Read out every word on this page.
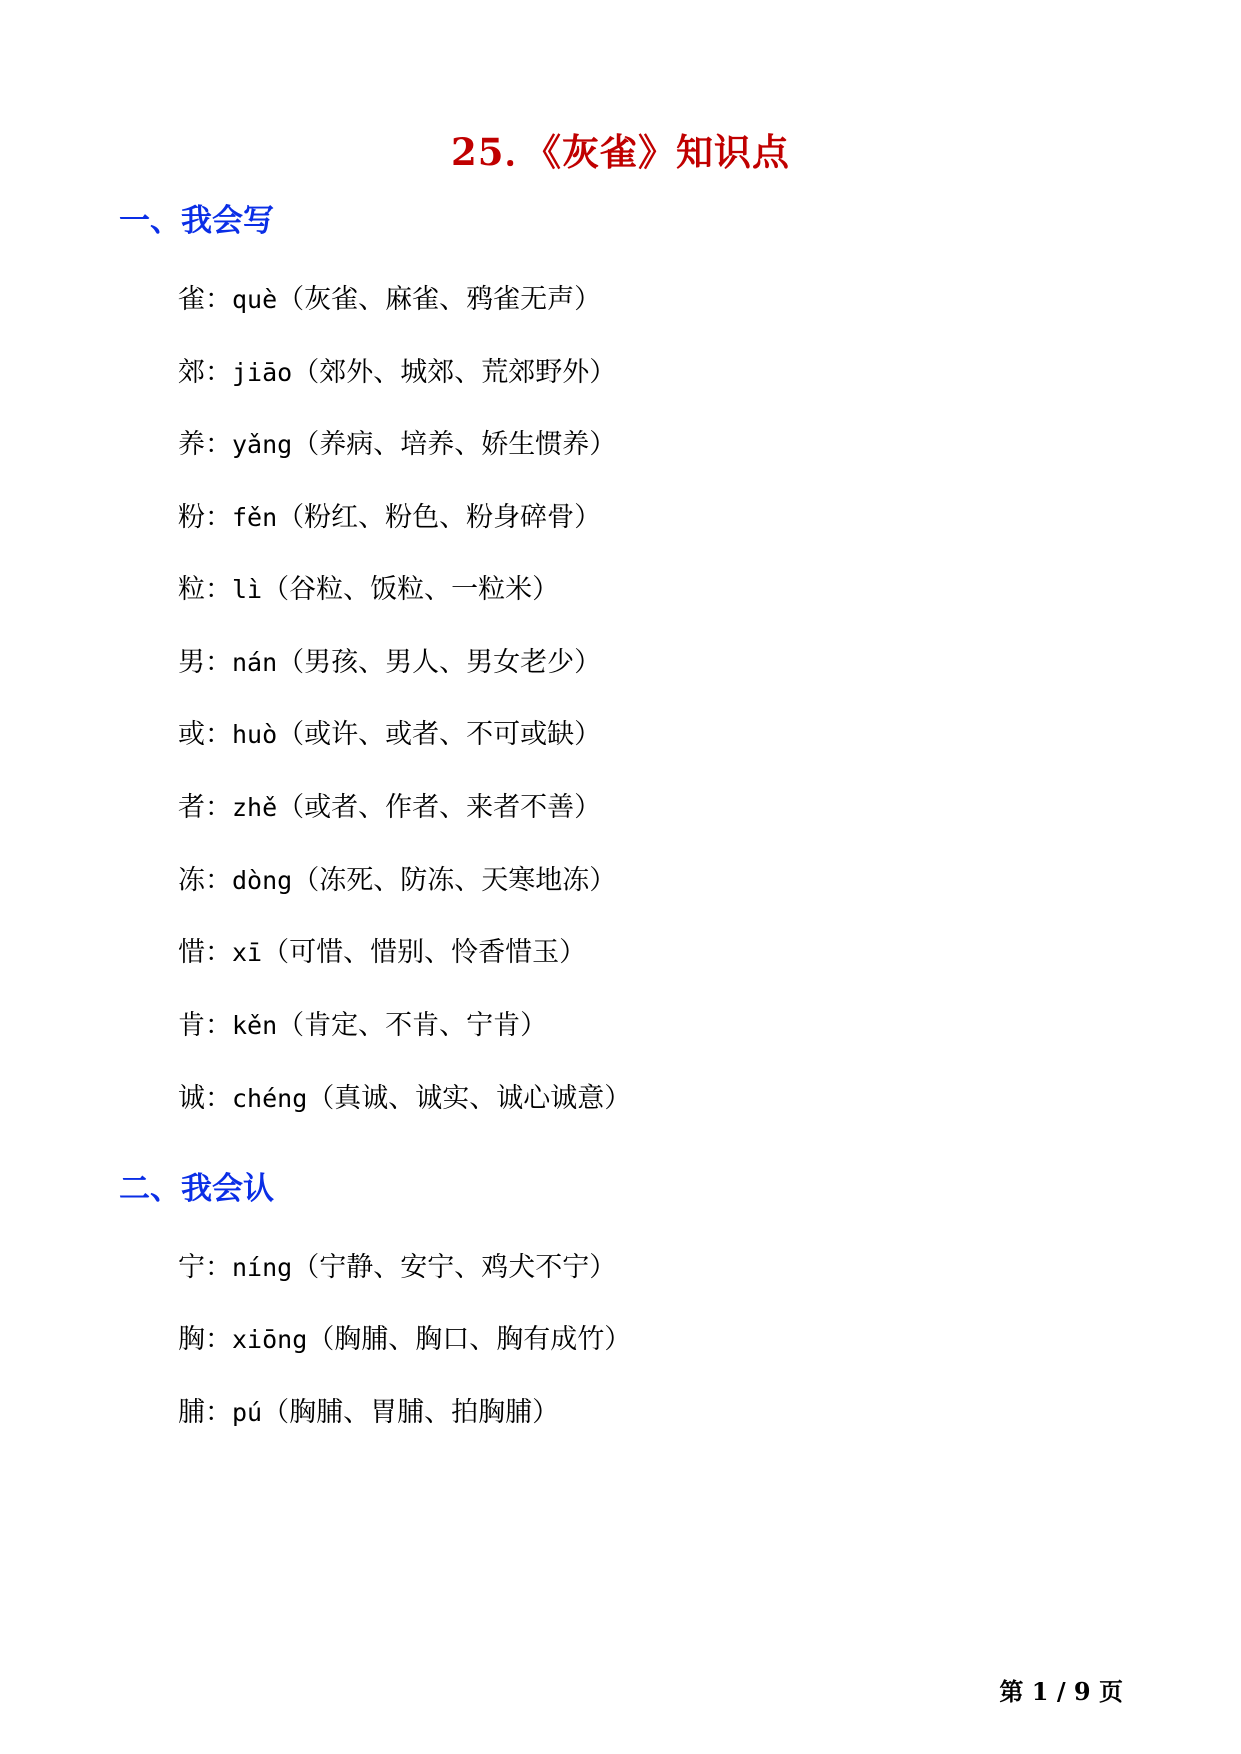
25．《灰雀》知识点
一、我会写

雀：què（灰雀、麻雀、鸦雀无声）

郊：jiāo（郊外、城郊、荒郊野外）

养：yǎng（养病、培养、娇生惯养）

粉：fěn（粉红、粉色、粉身碎骨）

粒：lì（谷粒、饭粒、一粒米）

男：nán（男孩、男人、男女老少）

或：huò（或许、或者、不可或缺）

者：zhě（或者、作者、来者不善）

冻：dòng（冻死、防冻、天寒地冻）

惜：xī（可惜、惜别、怜香惜玉）

肯：kěn（肯定、不肯、宁肯）

诚：chéng（真诚、诚实、诚心诚意）

二、我会认

宁：níng（宁静、安宁、鸡犬不宁）

胸：xiōng（胸脯、胸口、胸有成竹）

脯：pú（胸脯、胃脯、拍胸脯）

第 1 / 9 页
